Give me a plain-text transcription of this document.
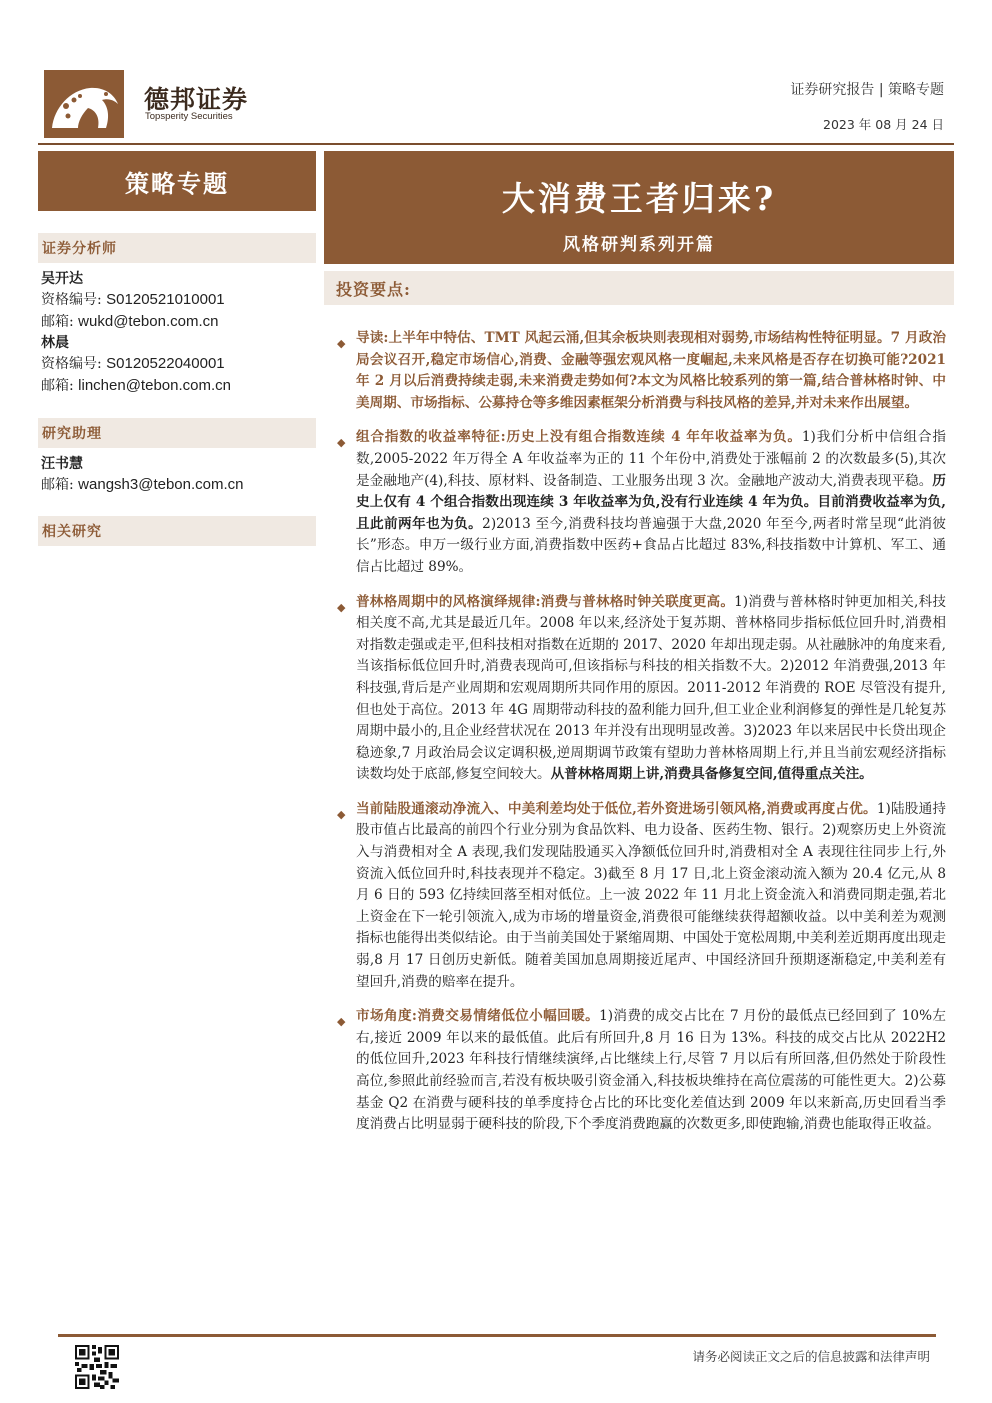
德邦证券
Topsperity Securities
证券研究报告 | 策略专题
2023 年 08 月 24 日
策略专题	大消费王者归来?
风格研判系列开篇
证券分析师
吴开达
资格编号: S0120521010001
邮箱: wukd@tebon.com.cn
林晨
资格编号: S0120522040001
邮箱: linchen@tebon.com.cn
研究助理
汪书慧
邮箱: wangsh3@tebon.com.cn
相关研究
投资要点:
◆ 导读:上半年中特估、TMT 风起云涌,但其余板块则表现相对弱势,市场结构性特征明显。7 月政治局会议召开,稳定市场信心,消费、金融等强宏观风格一度崛起,未来风格是否存在切换可能?2021 年 2 月以后消费持续走弱,未来消费走势如何?本文为风格比较系列的第一篇,结合普林格时钟、中美周期、市场指标、公募持仓等多维因素框架分析消费与科技风格的差异,并对未来作出展望。
◆ 组合指数的收益率特征:历史上没有组合指数连续 4 年年收益率为负。1)我们分析中信组合指数,2005-2022 年万得全 A 年收益率为正的 11 个年份中,消费处于涨幅前 2 的次数最多(5),其次是金融地产(4),科技、原材料、设备制造、工业服务出现 3 次。金融地产波动大,消费表现平稳。历史上仅有 4 个组合指数出现连续 3 年收益率为负,没有行业连续 4 年为负。目前消费收益率为负,且此前两年也为负。2)2013 至今,消费科技均普遍强于大盘,2020 年至今,两者时常呈现“此消彼长”形态。申万一级行业方面,消费指数中医药+食品占比超过 83%,科技指数中计算机、军工、通信占比超过 89%。
◆ 普林格周期中的风格演绎规律:消费与普林格时钟关联度更高。1)消费与普林格时钟更加相关,科技相关度不高,尤其是最近几年。2008 年以来,经济处于复苏期、普林格同步指标低位回升时,消费相对指数走强或走平,但科技相对指数在近期的 2017、2020 年却出现走弱。从社融脉冲的角度来看,当该指标低位回升时,消费表现尚可,但该指标与科技的相关指数不大。2)2012 年消费强,2013 年科技强,背后是产业周期和宏观周期所共同作用的原因。2011-2012 年消费的 ROE 尽管没有提升,但也处于高位。2013 年 4G 周期带动科技的盈利能力回升,但工业企业利润修复的弹性是几轮复苏周期中最小的,且企业经营状况在 2013 年并没有出现明显改善。3)2023 年以来居民中长贷出现企稳迹象,7 月政治局会议定调积极,逆周期调节政策有望助力普林格周期上行,并且当前宏观经济指标读数均处于底部,修复空间较大。从普林格周期上讲,消费具备修复空间,值得重点关注。
◆ 当前陆股通滚动净流入、中美利差均处于低位,若外资进场引领风格,消费或再度占优。1)陆股通持股市值占比最高的前四个行业分别为食品饮料、电力设备、医药生物、银行。2)观察历史上外资流入与消费相对全 A 表现,我们发现陆股通买入净额低位回升时,消费相对全 A 表现往往同步上行,外资流入低位回升时,科技表现并不稳定。3)截至 8 月 17 日,北上资金滚动流入额为 20.4 亿元,从 8 月 6 日的 593 亿持续回落至相对低位。上一波 2022 年 11 月北上资金流入和消费同期走强,若北上资金在下一轮引领流入,成为市场的增量资金,消费很可能继续获得超额收益。以中美利差为观测指标也能得出类似结论。由于当前美国处于紧缩周期、中国处于宽松周期,中美利差近期再度出现走弱,8 月 17 日创历史新低。随着美国加息周期接近尾声、中国经济回升预期逐渐稳定,中美利差有望回升,消费的赔率在提升。
◆ 市场角度:消费交易情绪低位小幅回暖。1)消费的成交占比在 7 月份的最低点已经回到了 10%左右,接近 2009 年以来的最低值。此后有所回升,8 月 16 日为 13%。科技的成交占比从 2022H2 的低位回升,2023 年科技行情继续演绎,占比继续上行,尽管 7 月以后有所回落,但仍然处于阶段性高位,参照此前经验而言,若没有板块吸引资金涌入,科技板块维持在高位震荡的可能性更大。2)公募基金 Q2 在消费与硬科技的单季度持仓占比的环比变化差值达到 2009 年以来新高,历史回看当季度消费占比明显弱于硬科技的阶段,下个季度消费跑赢的次数更多,即使跑输,消费也能取得正收益。
请务必阅读正文之后的信息披露和法律声明
